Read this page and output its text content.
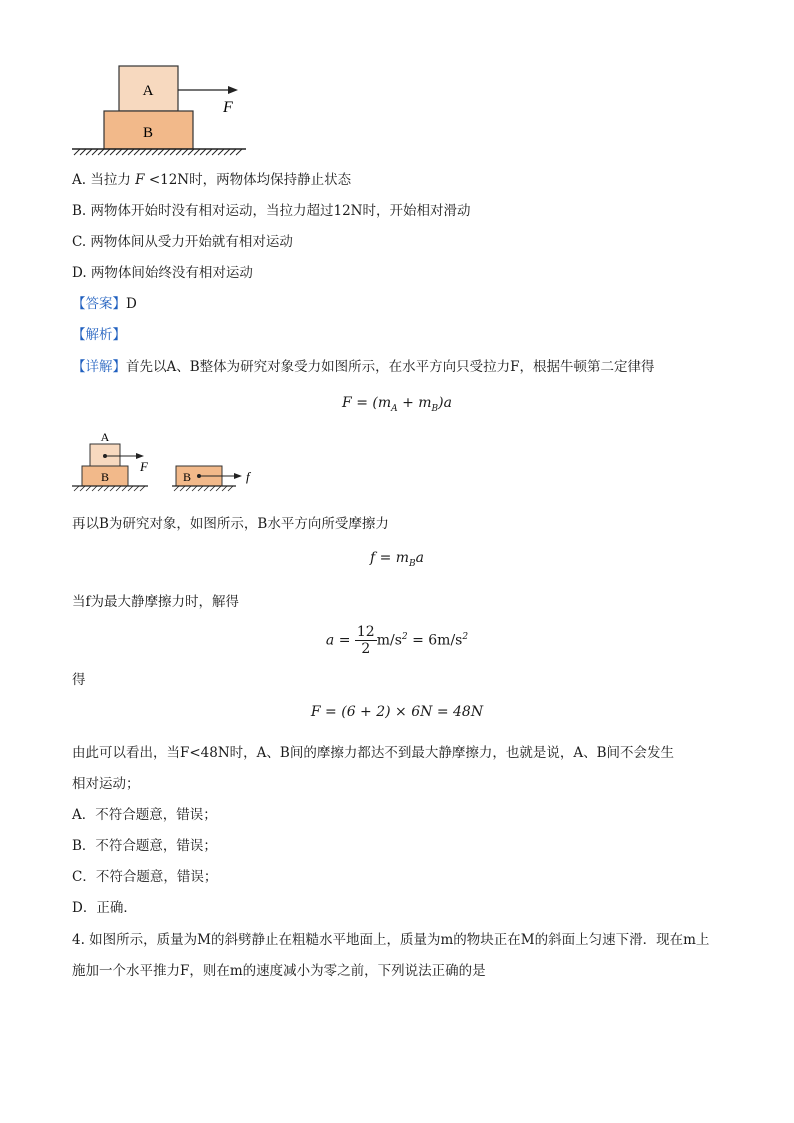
A
B
F
A. 当拉力 F <12N时，两物体均保持静止状态
B. 两物体开始时没有相对运动，当拉力超过12N时，开始相对滑动
C. 两物体间从受力开始就有相对运动
D. 两物体间始终没有相对运动
【答案】D
【解析】
【详解】首先以A、B整体为研究对象受力如图所示，在水平方向只受拉力F，根据牛顿第二定律得
$F = (m_A + m_B)a$
A
F
B	B	f
再以B为研究对象，如图所示，B水平方向所受摩擦力
$f = m_Ba$
当f为最大静摩擦力时，解得
$a = \frac{12}{2} m/s^2 = 6m/s^2$
得
F = (6 + 2) × 6N = 48N
由此可以看出，当F<48N时，A、B间的摩擦力都达不到最大静摩擦力，也就是说，A、B间不会发生
相对运动；
A．不符合题意，错误；
B．不符合题意，错误；
C．不符合题意，错误；
D．正确．
4. 如图所示，质量为M的斜劈静止在粗糙水平地面上，质量为m的物块正在M的斜面上匀速下滑．现在m上
施加一个水平推力F，则在m的速度减小为零之前，下列说法正确的是
